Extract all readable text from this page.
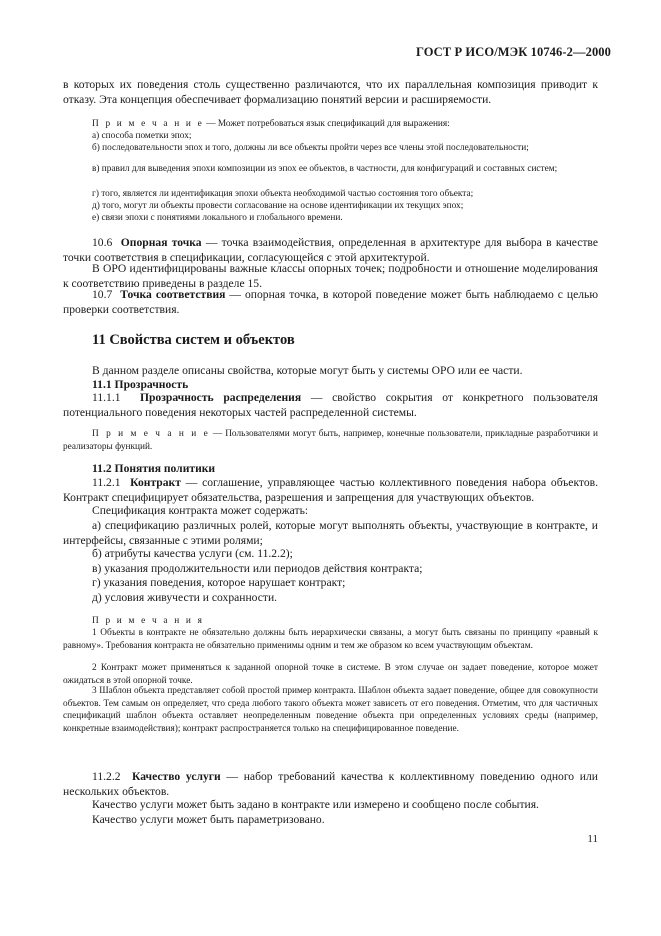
ГОСТ Р ИСО/МЭК 10746-2—2000

в которых их поведения столь существенно различаются, что их параллельная композиция приводит к отказу. Эта концепция обеспечивает формализацию понятий версии и расширяемости.

П р и м е ч а н и е — Может потребоваться язык спецификаций для выражения:
а) способа пометки эпох;
б) последовательности эпох и того, должны ли все объекты пройти через все члены этой последовательности;
в) правил для выведения эпохи композиции из эпох ее объектов, в частности, для конфигураций и составных систем;
г) того, является ли идентификация эпохи объекта необходимой частью состояния того объекта;
д) того, могут ли объекты провести согласование на основе идентификации их текущих эпох;
е) связи эпохи с понятиями локального и глобального времени.

10.6 Опорная точка — точка взаимодействия, определенная в архитектуре для выбора в качестве точки соответствия в спецификации, согласующейся с этой архитектурой.

В ОРО идентифицированы важные классы опорных точек; подробности и отношение моделирования к соответствию приведены в разделе 15.

10.7 Точка соответствия — опорная точка, в которой поведение может быть наблюдаемо с целью проверки соответствия.

11 Свойства систем и объектов

В данном разделе описаны свойства, которые могут быть у системы ОРО или ее части.

11.1 Прозрачность

11.1.1 Прозрачность распределения — свойство сокрытия от конкретного пользователя потенциального поведения некоторых частей распределенной системы.

П р и м е ч а н и е — Пользователями могут быть, например, конечные пользователи, прикладные разработчики и реализаторы функций.

11.2 Понятия политики

11.2.1 Контракт — соглашение, управляющее частью коллективного поведения набора объектов. Контракт специфицирует обязательства, разрешения и запрещения для участвующих объектов.

Спецификация контракта может содержать:

а) спецификацию различных ролей, которые могут выполнять объекты, участвующие в контракте, и интерфейсы, связанные с этими ролями;

б) атрибуты качества услуги (см. 11.2.2);

в) указания продолжительности или периодов действия контракта;

г) указания поведения, которое нарушает контракт;

д) условия живучести и сохранности.

П р и м е ч а н и я
1 Объекты в контракте не обязательно должны быть иерархически связаны, а могут быть связаны по принципу «равный к равному». Требования контракта не обязательно применимы одним и тем же образом ко всем участвующим объектам.
2 Контракт может применяться к заданной опорной точке в системе. В этом случае он задает поведение, которое может ожидаться в этой опорной точке.
3 Шаблон объекта представляет собой простой пример контракта. Шаблон объекта задает поведение, общее для совокупности объектов. Тем самым он определяет, что среда любого такого объекта может зависеть от его поведения. Отметим, что для частичных спецификаций шаблон объекта оставляет неопределенным поведение объекта при определенных условиях среды (например, конкретные взаимодействия); контракт распространяется только на специфицированное поведение.

11.2.2 Качество услуги — набор требований качества к коллективному поведению одного или нескольких объектов.

Качество услуги может быть задано в контракте или измерено и сообщено после события.

Качество услуги может быть параметризовано.

11
